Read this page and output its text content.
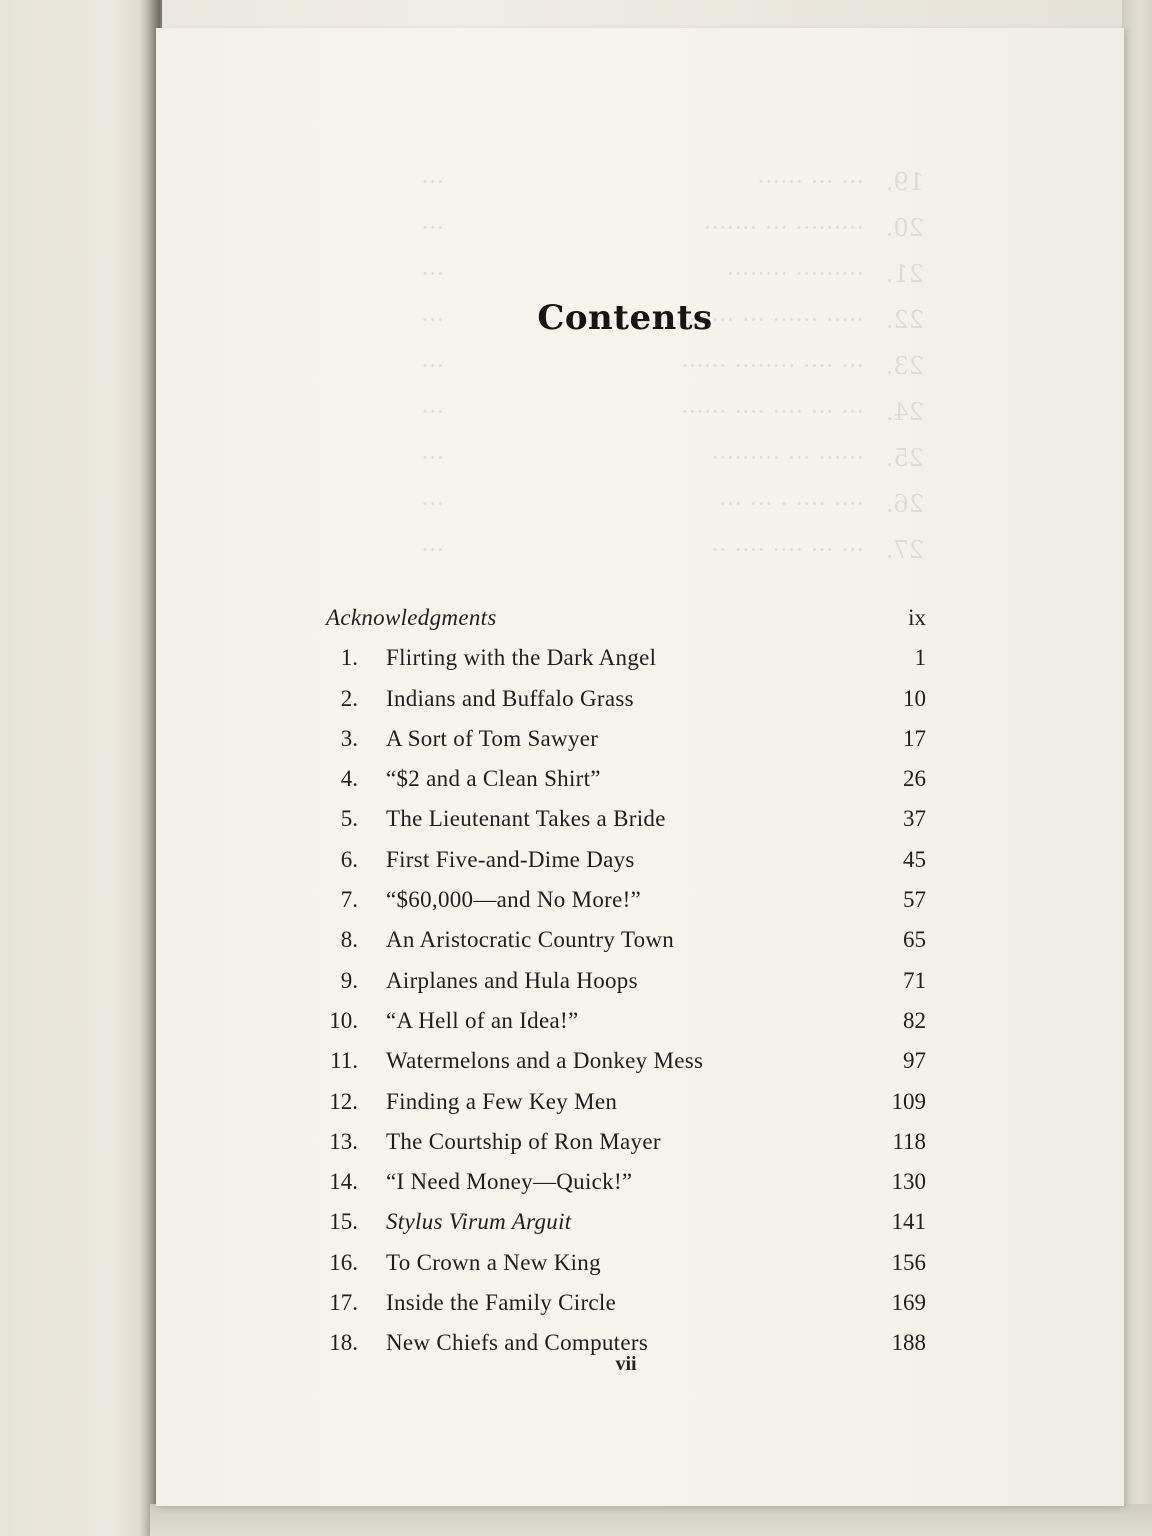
19.
··· ··· ······
···
20.
········· ··· ·······
···
21.
········· ········
···
22.
····· ······ ··· ·······
···
23.
··· ···· ········ ······
···
24.
··· ··· ···· ···· ······
···
25.
······ ··· ·········
···
26.
···· ···· · ··· ···
···
27.
··· ··· ···· ···· ··
···
Contents
Acknowledgments	ix
1. Flirting with the Dark Angel	1
2. Indians and Buffalo Grass	10
3. A Sort of Tom Sawyer	17
4. “$2 and a Clean Shirt”	26
5. The Lieutenant Takes a Bride	37
6. First Five-and-Dime Days	45
7. “$60,000—and No More!”	57
8. An Aristocratic Country Town	65
9. Airplanes and Hula Hoops	71
10. “A Hell of an Idea!”	82
11. Watermelons and a Donkey Mess	97
12. Finding a Few Key Men	109
13. The Courtship of Ron Mayer	118
14. “I Need Money—Quick!”	130
15. Stylus Virum Arguit	141
16. To Crown a New King	156
17. Inside the Family Circle	169
18. New Chiefs and Computers	188
vii
